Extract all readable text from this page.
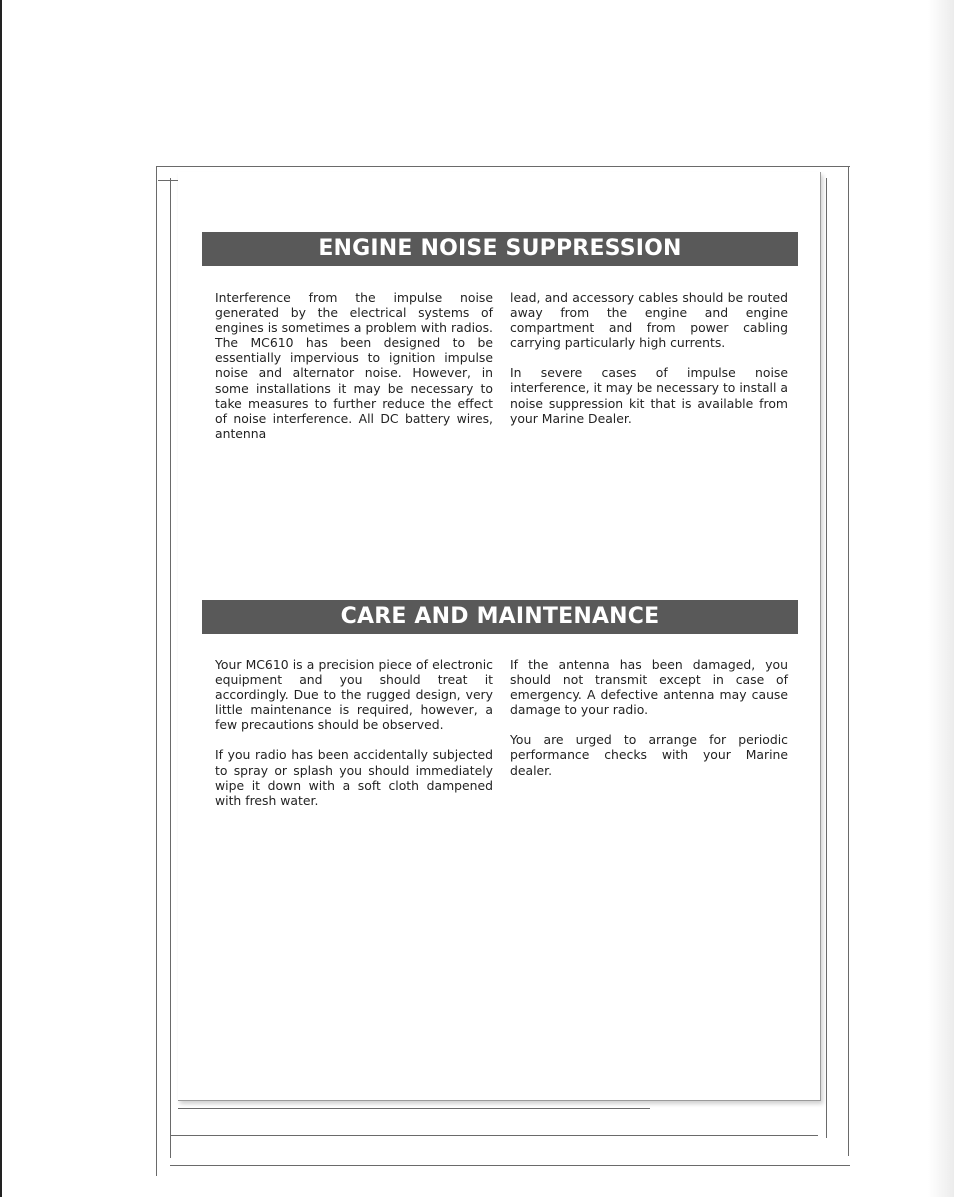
ENGINE NOISE SUPPRESSION

Interference from the impulse noise generated by the electrical systems of engines is sometimes a problem with radios. The MC610 has been designed to be essentially impervious to ignition impulse noise and alternator noise. However, in some installations it may be necessary to take measures to further reduce the effect of noise interference. All DC battery wires, antenna

lead, and accessory cables should be routed away from the engine and engine compartment and from power cabling carrying particularly high currents.

In severe cases of impulse noise interference, it may be necessary to install a noise suppression kit that is available from your Marine Dealer.

CARE AND MAINTENANCE

Your MC610 is a precision piece of electronic equipment and you should treat it accordingly. Due to the rugged design, very little maintenance is required, however, a few precautions should be observed.

If you radio has been accidentally subjected to spray or splash you should immediately wipe it down with a soft cloth dampened with fresh water.

If the antenna has been damaged, you should not transmit except in case of emergency. A defective antenna may cause damage to your radio.

You are urged to arrange for periodic performance checks with your Marine dealer.
